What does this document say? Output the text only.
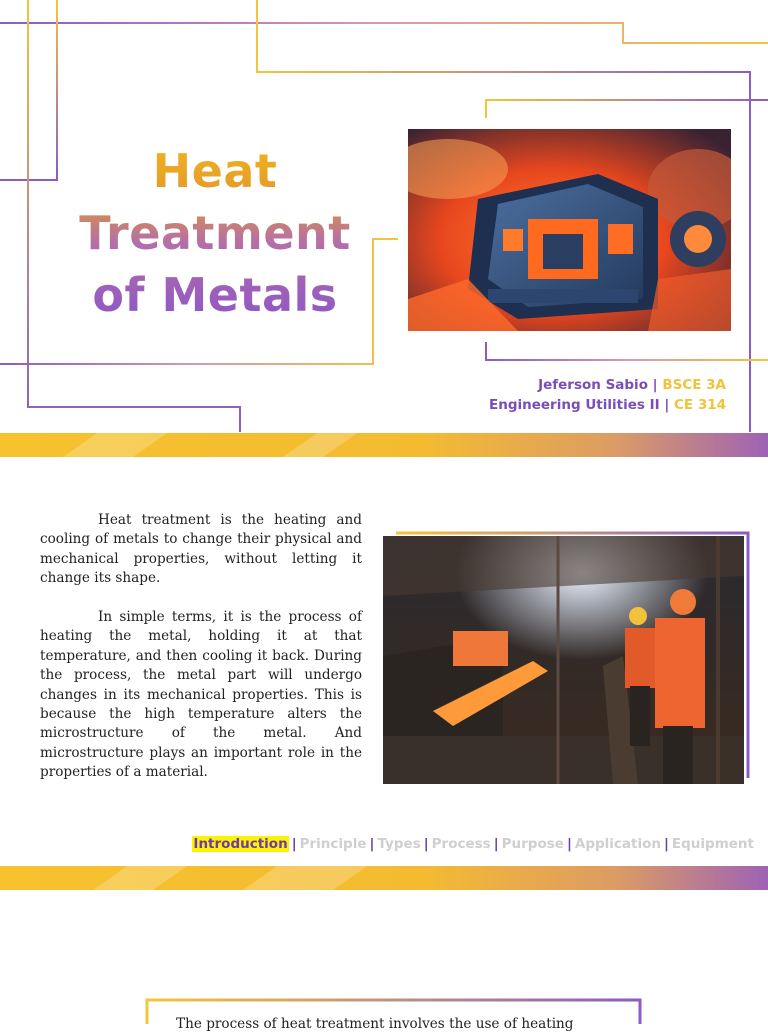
Heat
Treatment
of Metals
Jeferson Sabio | BSCE 3A
Engineering Utilities II | CE 314
Heat treatment is the heating and cooling of metals to change their physical and mechanical properties, without letting it change its shape.
In simple terms, it is the process of heating the metal, holding it at that temperature, and then cooling it back. During the process, the metal part will undergo changes in its mechanical properties. This is because the high temperature alters the microstructure of the metal. And microstructure plays an important role in the properties of a material.
Introduction | Principle | Types | Process | Purpose | Application | Equipment
The process of heat treatment involves the use of heating
